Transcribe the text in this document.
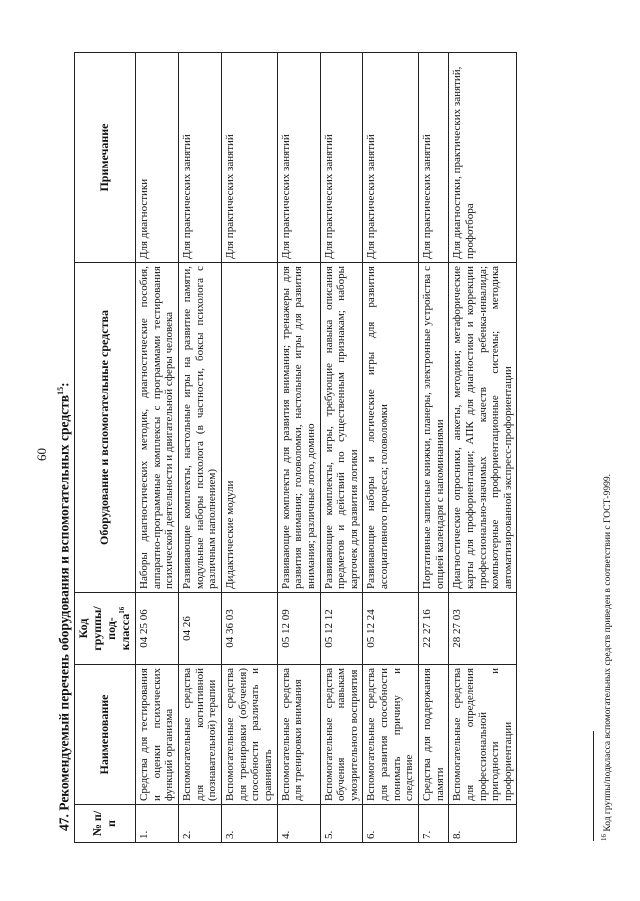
60 47. Рекомендуемый перечень оборудования и вспомогательных средств$^{15}$:
№ п/п	Наименование	Код группы/под-класса$^{16}$	Оборудование и вспомогательные средства	Примечание
1.	Средства для тестирования и оценки психических функций организма	04 25 06	Наборы диагностических методик, диагностические пособия, аппаратно-программные комплексы с программами тестирования психической деятельности и двигательной сферы человека	Для диагностики
2.	Вспомогательные средства для когнитивной (познавательной) терапии	04 26	Развивающие комплекты, настольные игры на развитие памяти, модульные наборы психолога (в частности, боксы психолога с различным наполнением)	Для практических занятий
3.	Вспомогательные средства для тренировки (обучения) способности различать и сравнивать	04 36 03	Дидактические модули	Для практических занятий
4.	Вспомогательные средства для тренировки внимания	05 12 09	Развивающие комплекты для развития внимания; тренажеры для развития внимания; головоломки, настольные игры для развития внимания; различные лото, домино	Для практических занятий
5.	Вспомогательные средства обучения навыкам умозрительного восприятия	05 12 12	Развивающие комплекты, игры, требующие навыка описания предметов и действий по существенным признакам; наборы карточек для развития логики	Для практических занятий
6.	Вспомогательные средства для развития способности понимать причину и следствие	05 12 24	Развивающие наборы и логические игры для развития ассоциативного процесса; головоломки	Для практических занятий
7.	Средства для поддержания памяти	22 27 16	Портативные записные книжки, планеры, электронные устройства с опцией календаря с напоминаниями	Для практических занятий
8.	Вспомогательные средства для определения профессиональной пригодности и профориентации	28 27 03	Диагностические опросники, анкеты, методики; метафорические карты для профориентации; АПК для диагностики и коррекции профессионально-значимых качеств ребенка-инвалида; компьютерные профориентационные системы; методика автоматизированной экспресс-профориентации	Для диагностики, практических занятий, профотбора
$^{16}$ Код группы/подкласса вспомогательных средств приведен в соответствии с ГОСТ-9999.
